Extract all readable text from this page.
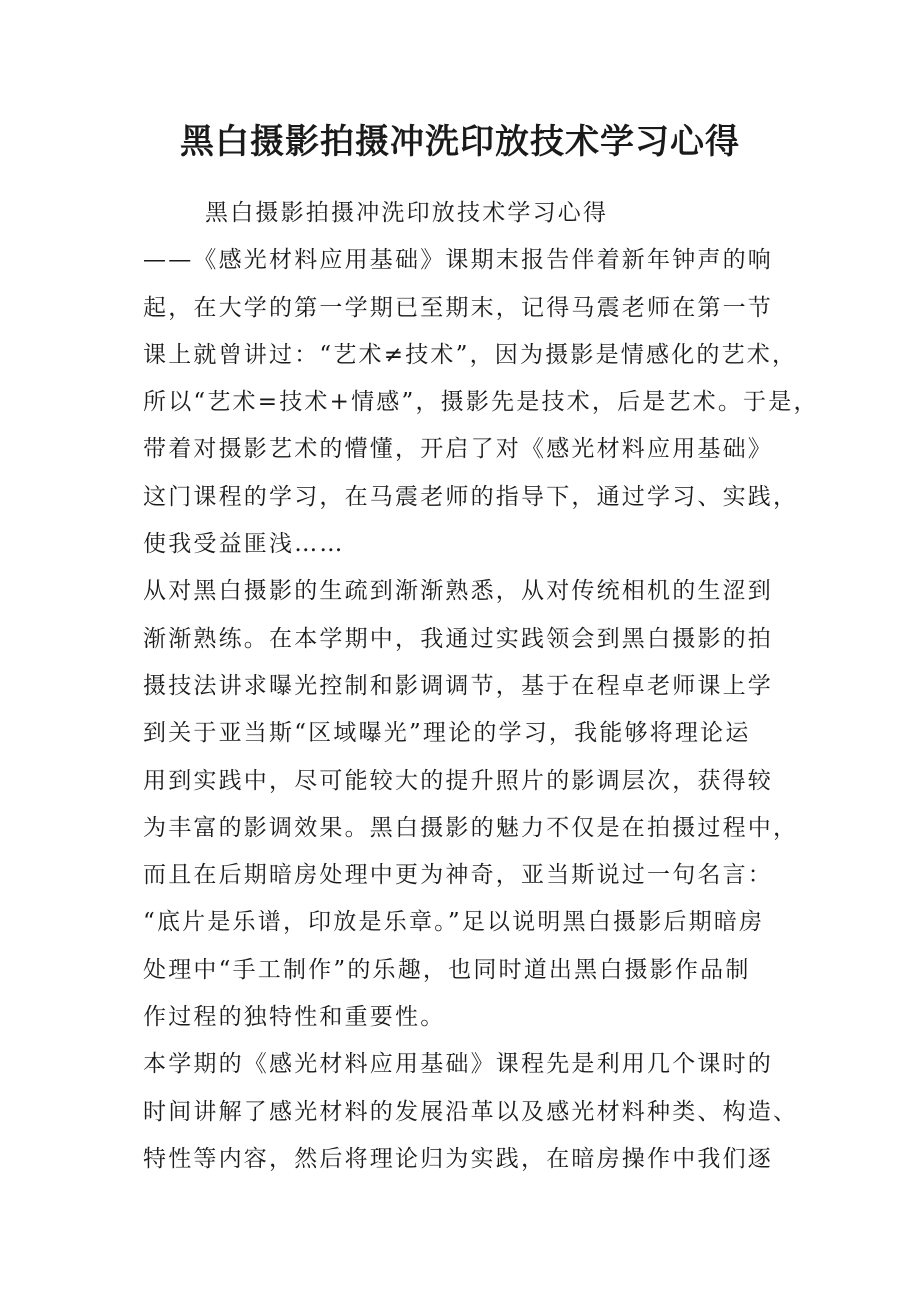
黑白摄影拍摄冲洗印放技术学习心得
黑白摄影拍摄冲洗印放技术学习心得
——《感光材料应用基础》课期末报告伴着新年钟声的响
起，在大学的第一学期已至期末，记得马震老师在第一节
课上就曾讲过：“艺术≠技术”，因为摄影是情感化的艺术，
所以“艺术=技术+情感”，摄影先是技术，后是艺术。于是，
带着对摄影艺术的懵懂，开启了对《感光材料应用基础》
这门课程的学习，在马震老师的指导下，通过学习、实践，
使我受益匪浅……
从对黑白摄影的生疏到渐渐熟悉，从对传统相机的生涩到
渐渐熟练。在本学期中，我通过实践领会到黑白摄影的拍
摄技法讲求曝光控制和影调调节，基于在程卓老师课上学
到关于亚当斯“区域曝光”理论的学习，我能够将理论运
用到实践中，尽可能较大的提升照片的影调层次，获得较
为丰富的影调效果。黑白摄影的魅力不仅是在拍摄过程中，
而且在后期暗房处理中更为神奇，亚当斯说过一句名言：
“底片是乐谱，印放是乐章。”足以说明黑白摄影后期暗房
处理中“手工制作”的乐趣，也同时道出黑白摄影作品制
作过程的独特性和重要性。
本学期的《感光材料应用基础》课程先是利用几个课时的
时间讲解了感光材料的发展沿革以及感光材料种类、构造、
特性等内容，然后将理论归为实践，在暗房操作中我们逐
